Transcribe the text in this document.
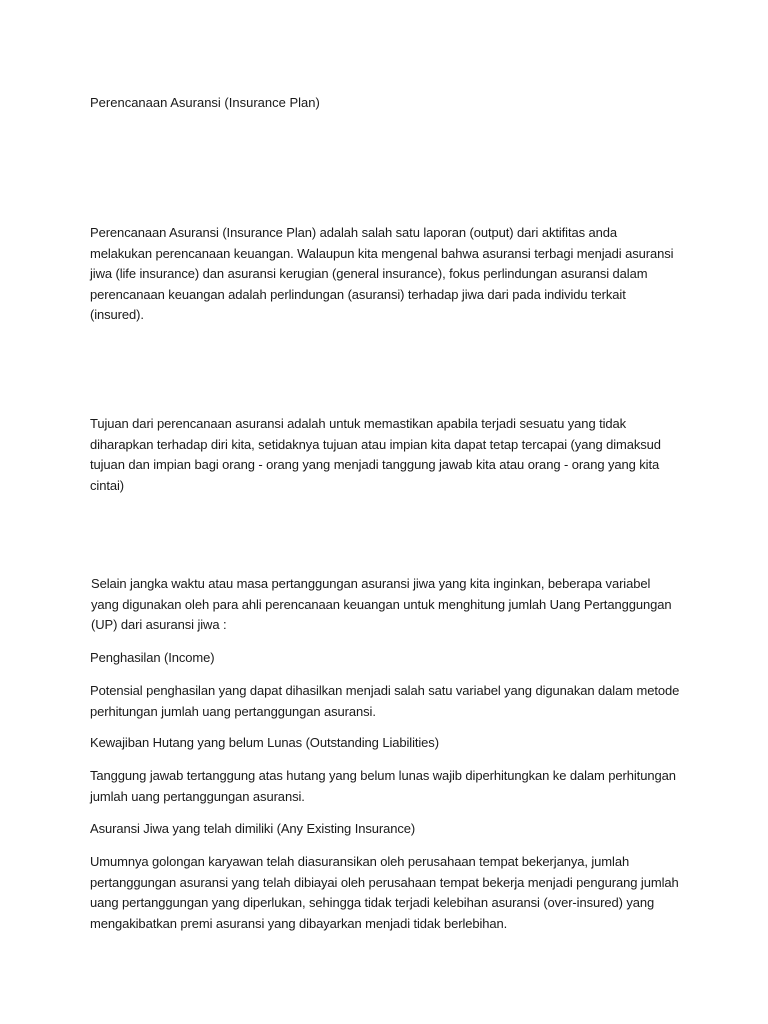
Perencanaan Asuransi (Insurance Plan)

Perencanaan Asuransi (Insurance Plan) adalah salah satu laporan (output) dari aktifitas anda melakukan perencanaan keuangan. Walaupun kita mengenal bahwa asuransi terbagi menjadi asuransi jiwa (life insurance) dan asuransi kerugian (general insurance), fokus perlindungan asuransi dalam perencanaan keuangan adalah perlindungan (asuransi) terhadap jiwa dari pada individu terkait (insured).

Tujuan dari perencanaan asuransi adalah untuk memastikan apabila terjadi sesuatu yang tidak diharapkan terhadap diri kita, setidaknya tujuan atau impian kita dapat tetap tercapai (yang dimaksud tujuan dan impian bagi orang - orang yang menjadi tanggung jawab kita atau orang - orang yang kita cintai)

Selain jangka waktu atau masa pertanggungan asuransi jiwa yang kita inginkan, beberapa variabel yang digunakan oleh para ahli perencanaan keuangan untuk menghitung jumlah Uang Pertanggungan (UP) dari asuransi jiwa :

Penghasilan (Income)

Potensial penghasilan yang dapat dihasilkan menjadi salah satu variabel yang digunakan dalam metode perhitungan jumlah uang pertanggungan asuransi.

Kewajiban Hutang yang belum Lunas (Outstanding Liabilities)

Tanggung jawab tertanggung atas hutang yang belum lunas wajib diperhitungkan ke dalam perhitungan jumlah uang pertanggungan asuransi.

Asuransi Jiwa yang telah dimiliki (Any Existing Insurance)

Umumnya golongan karyawan telah diasuransikan oleh perusahaan tempat bekerjanya, jumlah pertanggungan asuransi yang telah dibiayai oleh perusahaan tempat bekerja menjadi pengurang jumlah uang pertanggungan yang diperlukan, sehingga tidak terjadi kelebihan asuransi (over-insured) yang mengakibatkan premi asuransi yang dibayarkan menjadi tidak berlebihan.
